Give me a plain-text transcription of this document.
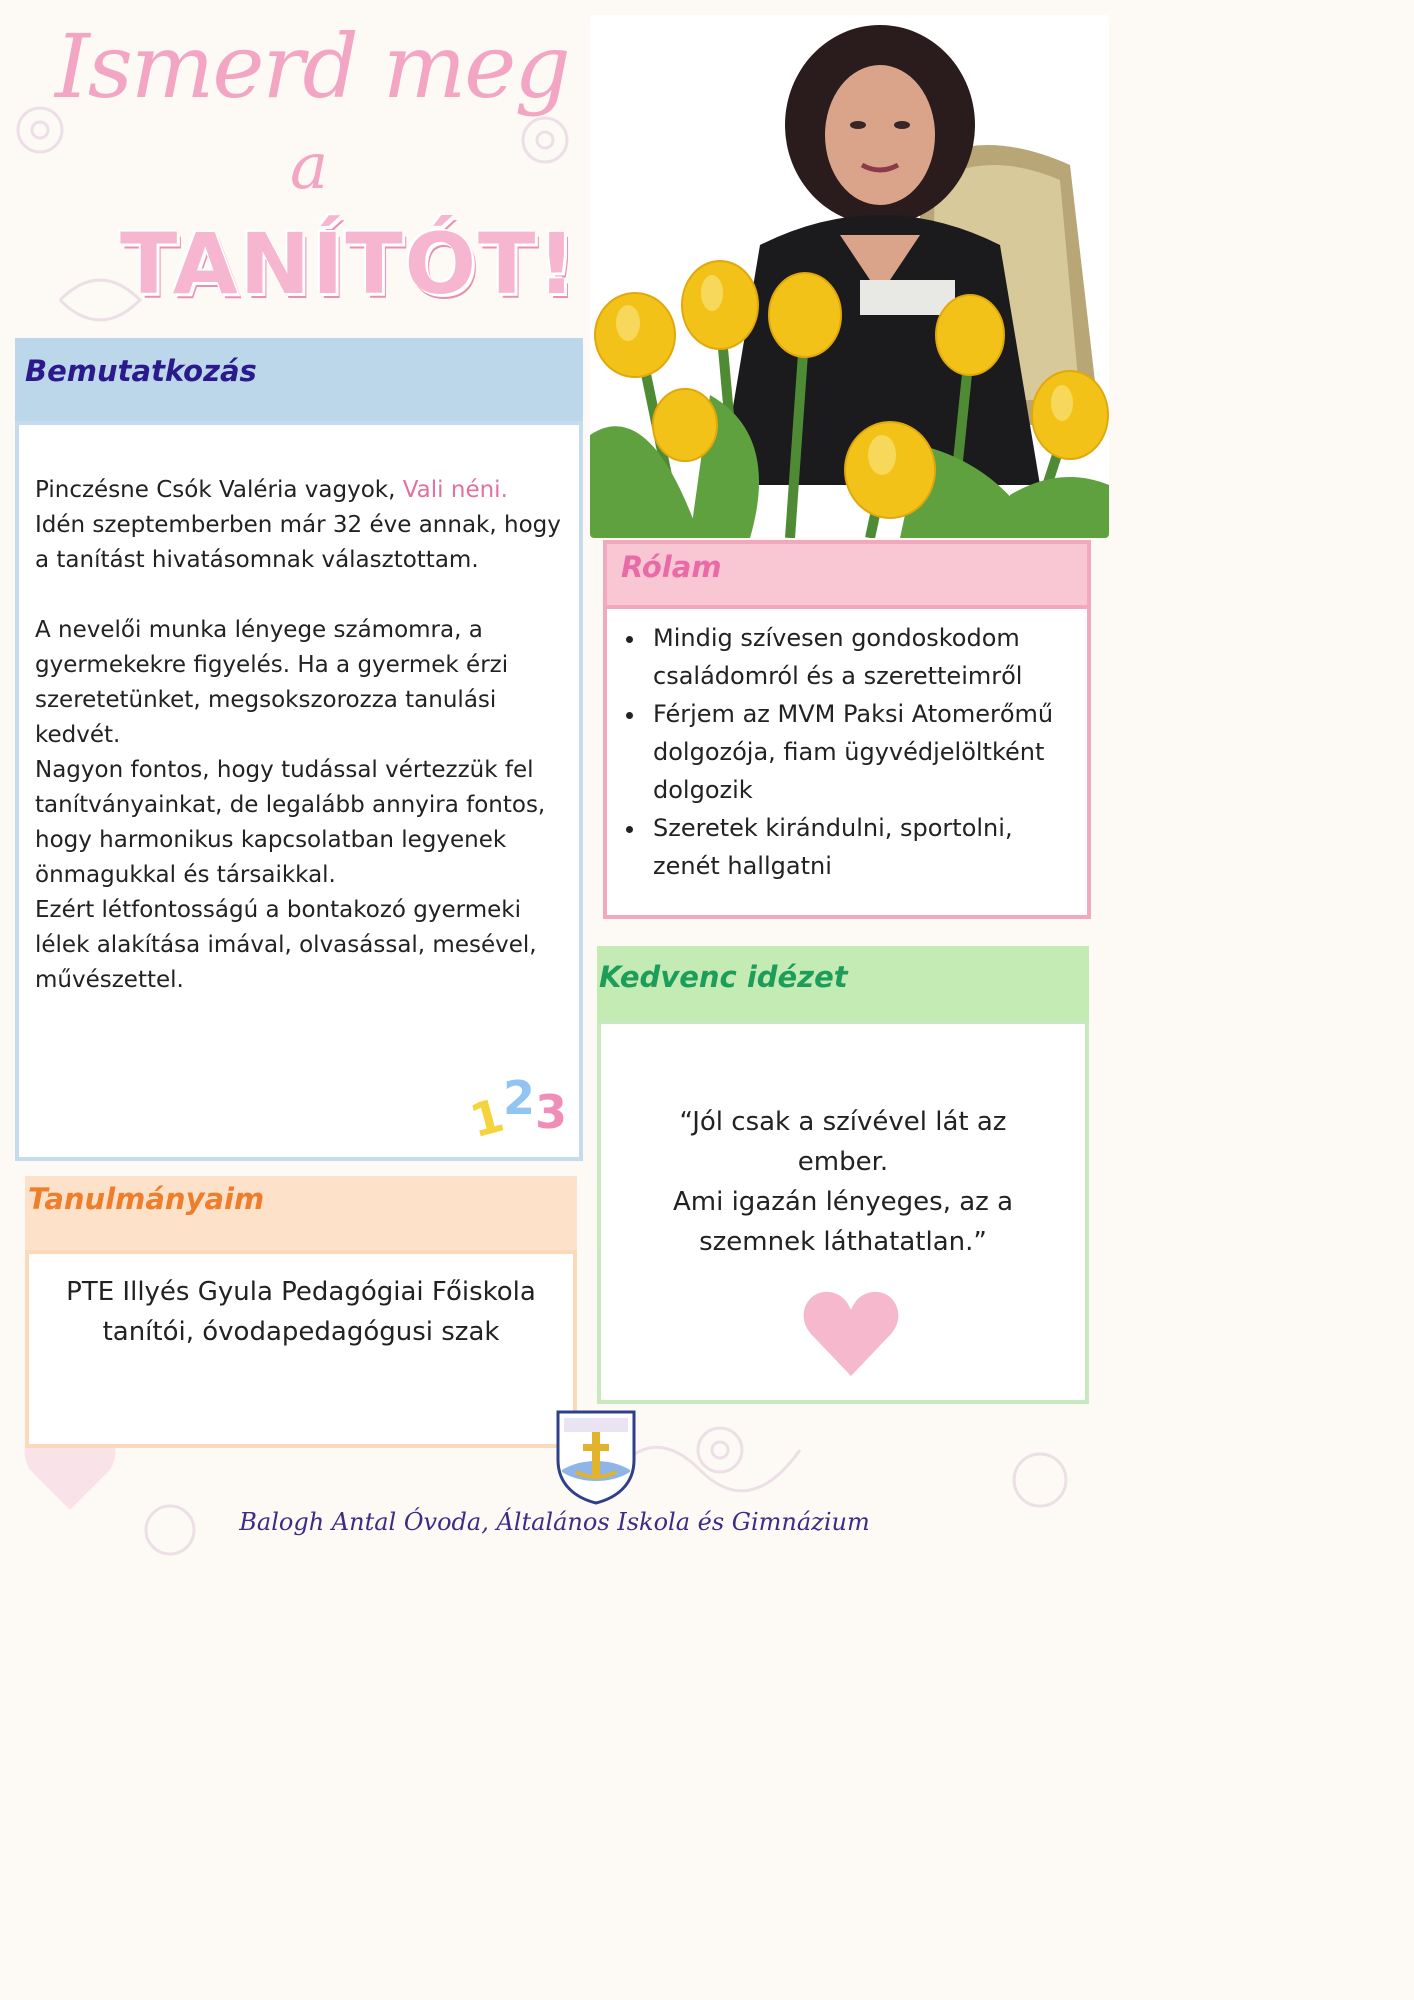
Ismerd meg
a
TANÍTÓT!
Bemutatkozás

Pinczésne Csók Valéria vagyok, Vali néni.

Idén szeptemberben már 32 éve annak, hogy a tanítást hivatásomnak választottam.

A nevelői munka lényege számomra, a gyermekekre figyelés. Ha a gyermek érzi szeretetünket, megsokszorozza tanulási kedvét.

Nagyon fontos, hogy tudással vértezzük fel tanítványainkat, de legalább annyira fontos, hogy harmonikus kapcsolatban legyenek önmagukkal és társaikkal.

Ezért létfontosságú a bontakozó gyermeki lélek alakítása imával, olvasással, mesével, művészettel.

123
Rólam
• Mindig szívesen gondoskodom családomról és a szeretteimről
• Férjem az MVM Paksi Atomerőmű dolgozója, fiam ügyvédjelöltként dolgozik
• Szeretek kirándulni, sportolni, zenét hallgatni
Kedvenc idézet

“Jól csak a szívével lát az ember.

Ami igazán lényeges, az a szemnek láthatatlan.”

Tanulmányaim

PTE Illyés Gyula Pedagógiai Főiskola tanítói, óvodapedagógusi szak

Balogh Antal Óvoda, Általános Iskola és Gimnázium
